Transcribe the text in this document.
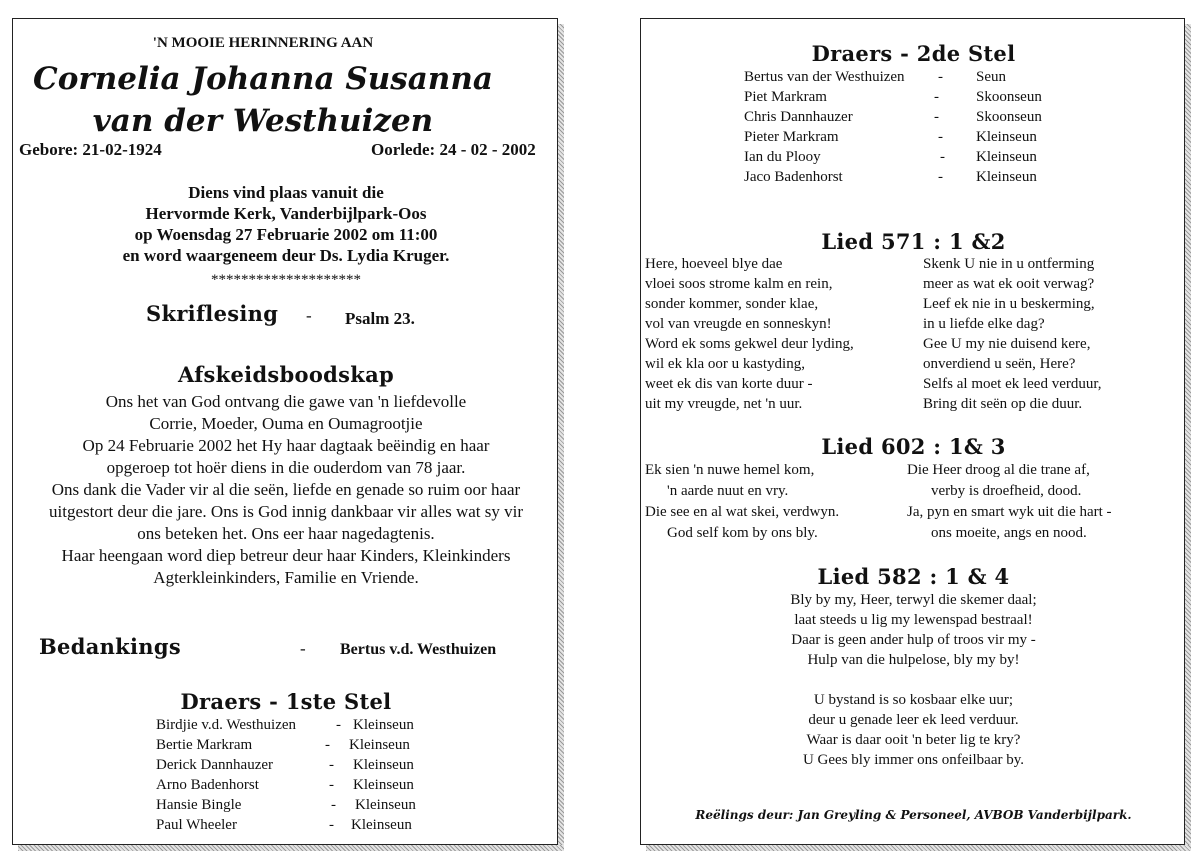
'N MOOIE HERINNERING AAN
Cornelia Johanna Susanna
van der Westhuizen
Gebore: 21-02-1924	Oorlede: 24 - 02 - 2002
Diens vind plaas vanuit die
Hervormde Kerk, Vanderbijlpark-Oos
op Woensdag 27 Februarie 2002 om 11:00
en word waargeneem deur Ds. Lydia Kruger.
********************
Skriflesing - Psalm 23.
Afskeidsboodskap
Ons het van God ontvang die gawe van 'n liefdevolle
Corrie, Moeder, Ouma en Oumagrootjie
Op 24 Februarie 2002 het Hy haar dagtaak beëindig en haar
opgeroep tot hoër diens in die ouderdom van 78 jaar.
Ons dank die Vader vir al die seën, liefde en genade so ruim oor haar
uitgestort deur die jare. Ons is God innig dankbaar vir alles wat sy vir
ons beteken het. Ons eer haar nagedagtenis.
Haar heengaan word diep betreur deur haar Kinders, Kleinkinders
Agterkleinkinders, Familie en Vriende.
Bedankings	- Bertus v.d. Westhuizen
Draers - 1ste Stel
Birdjie v.d. Westhuizen	- Kleinseun
Bertie Markram	- Kleinseun
Derick Dannhauzer	- Kleinseun
Arno Badenhorst	- Kleinseun
Hansie Bingle	- Kleinseun
Paul Wheeler	- Kleinseun
Draers - 2de Stel
Bertus van der Westhuizen - Seun
Piet Markram	- Skoonseun
Chris Dannhauzer	- Skoonseun
Pieter Markram	- Kleinseun
Ian du Plooy	- Kleinseun
Jaco Badenhorst	- Kleinseun
Lied 571 : 1 &2
Here, hoeveel blye dae
vloei soos strome kalm en rein,
sonder kommer, sonder klae,
vol van vreugde en sonneskyn!
Word ek soms gekwel deur lyding,
wil ek kla oor u kastyding,
weet ek dis van korte duur -
uit my vreugde, net 'n uur.
Skenk U nie in u ontferming
meer as wat ek ooit verwag?
Leef ek nie in u beskerming,
in u liefde elke dag?
Gee U my nie duisend kere,
onverdiend u seën, Here?
Selfs al moet ek leed verduur,
Bring dit seën op die duur.
Lied 602 : 1& 3
Ek sien 'n nuwe hemel kom,
'n aarde nuut en vry.
Die see en al wat skei, verdwyn.
God self kom by ons bly.
Die Heer droog al die trane af,
verby is droefheid, dood.
Ja, pyn en smart wyk uit die hart -
ons moeite, angs en nood.
Lied 582 : 1 & 4
Bly by my, Heer, terwyl die skemer daal;
laat steeds u lig my lewenspad bestraal!
Daar is geen ander hulp of troos vir my -
Hulp van die hulpelose, bly my by!
U bystand is so kosbaar elke uur;
deur u genade leer ek leed verduur.
Waar is daar ooit 'n beter lig te kry?
U Gees bly immer ons onfeilbaar by.
Reëlings deur: Jan Greyling & Personeel, AVBOB Vanderbijlpark.
